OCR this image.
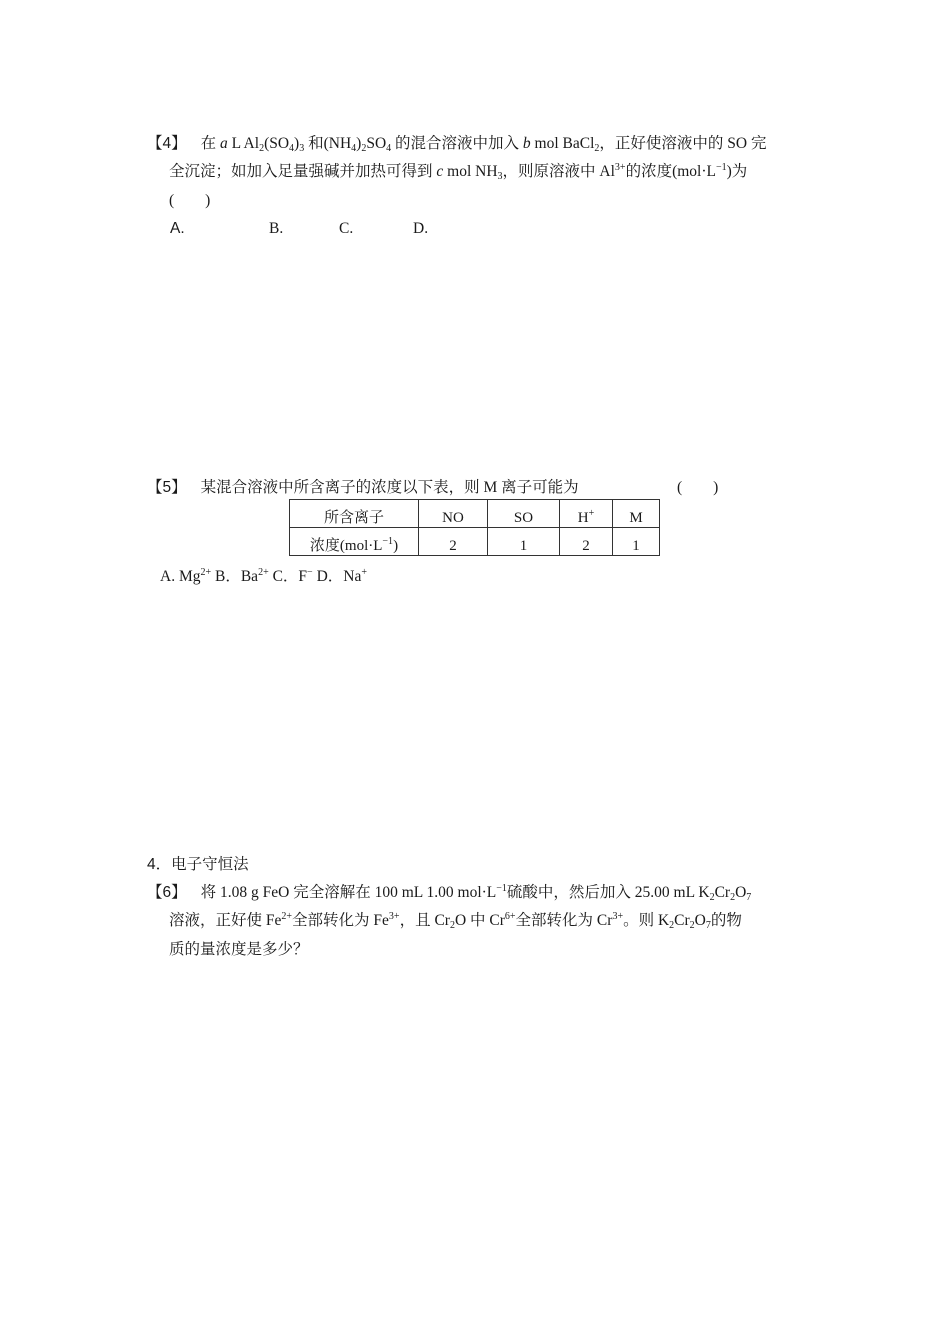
【4】 在 a L $Al_2(SO_4)_3$ 和$(NH_4)_2SO_4$ 的混合溶液中加入 b mol BaCl$_2$，正好使溶液中的 SO 完
全沉淀；如加入足量强碱并加热可得到 c mol $NH_3$，则原溶液中 $Al^{3+}$的浓度$(mol\cdot L^{-1})$为
(　　)
A.	B.	C.	D.
【5】 某混合溶液中所含离子的浓度以下表，则 M 离子可能为	(　　)
所含离子	NO	SO	H+	M
浓度$(mol\cdot L^{-1})$	2	1	2	1
A. $Mg^{2+}$ B．$Ba^{2+}$ C．F− D．Na+
4．电子守恒法
【6】 将 1.08 g FeO 完全溶解在 100 mL 1.00 $mol\cdot L^{-1}$硫酸中，然后加入 25.00 mL $K_2Cr_2O_7$
溶液，正好使 $Fe^{2+}$全部转化为 $Fe^{3+}$，且 $Cr_2O$ 中 $Cr^{6+}$全部转化为 $Cr^{3+}$。则 $K_2Cr_2O_7$的物
质的量浓度是多少？
